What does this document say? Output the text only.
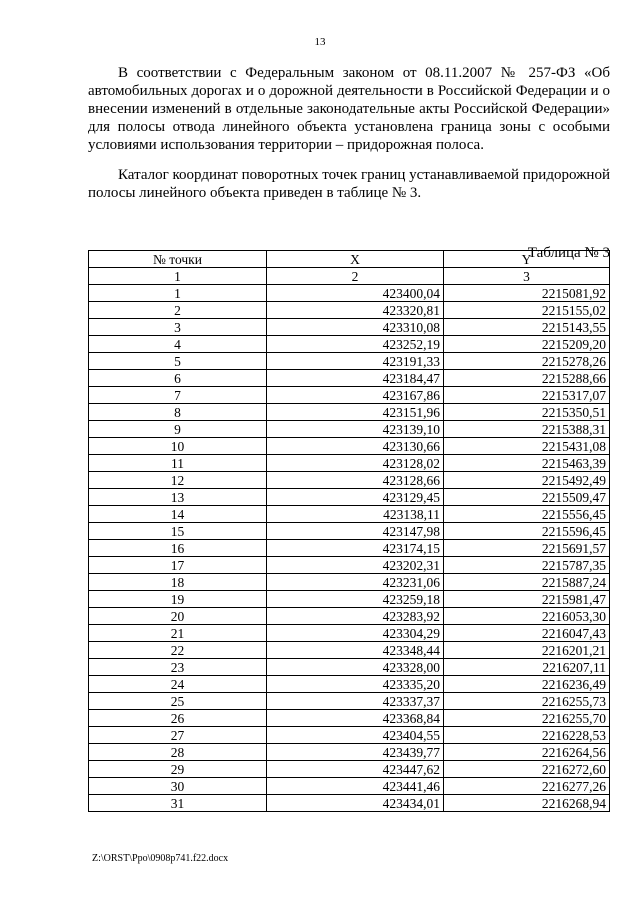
13
В соответствии с Федеральным законом от 08.11.2007 № 257-ФЗ «Об автомобильных дорогах и о дорожной деятельности в Российской Федерации и о внесении изменений в отдельные законодательные акты Российской Федерации» для полосы отвода линейного объекта установлена граница зоны с особыми условиями использования территории – придорожная полоса.
Каталог координат поворотных точек границ устанавливаемой придорожной полосы линейного объекта приведен в таблице № 3.
Таблица № 3
№ точки	X	Y
1	2	3
1	423400,04	2215081,92
2	423320,81	2215155,02
3	423310,08	2215143,55
4	423252,19	2215209,20
5	423191,33	2215278,26
6	423184,47	2215288,66
7	423167,86	2215317,07
8	423151,96	2215350,51
9	423139,10	2215388,31
10	423130,66	2215431,08
11	423128,02	2215463,39
12	423128,66	2215492,49
13	423129,45	2215509,47
14	423138,11	2215556,45
15	423147,98	2215596,45
16	423174,15	2215691,57
17	423202,31	2215787,35
18	423231,06	2215887,24
19	423259,18	2215981,47
20	423283,92	2216053,30
21	423304,29	2216047,43
22	423348,44	2216201,21
23	423328,00	2216207,11
24	423335,20	2216236,49
25	423337,37	2216255,73
26	423368,84	2216255,70
27	423404,55	2216228,53
28	423439,77	2216264,56
29	423447,62	2216272,60
30	423441,46	2216277,26
31	423434,01	2216268,94
Z:\ORST\Ppo\0908p741.f22.docx
